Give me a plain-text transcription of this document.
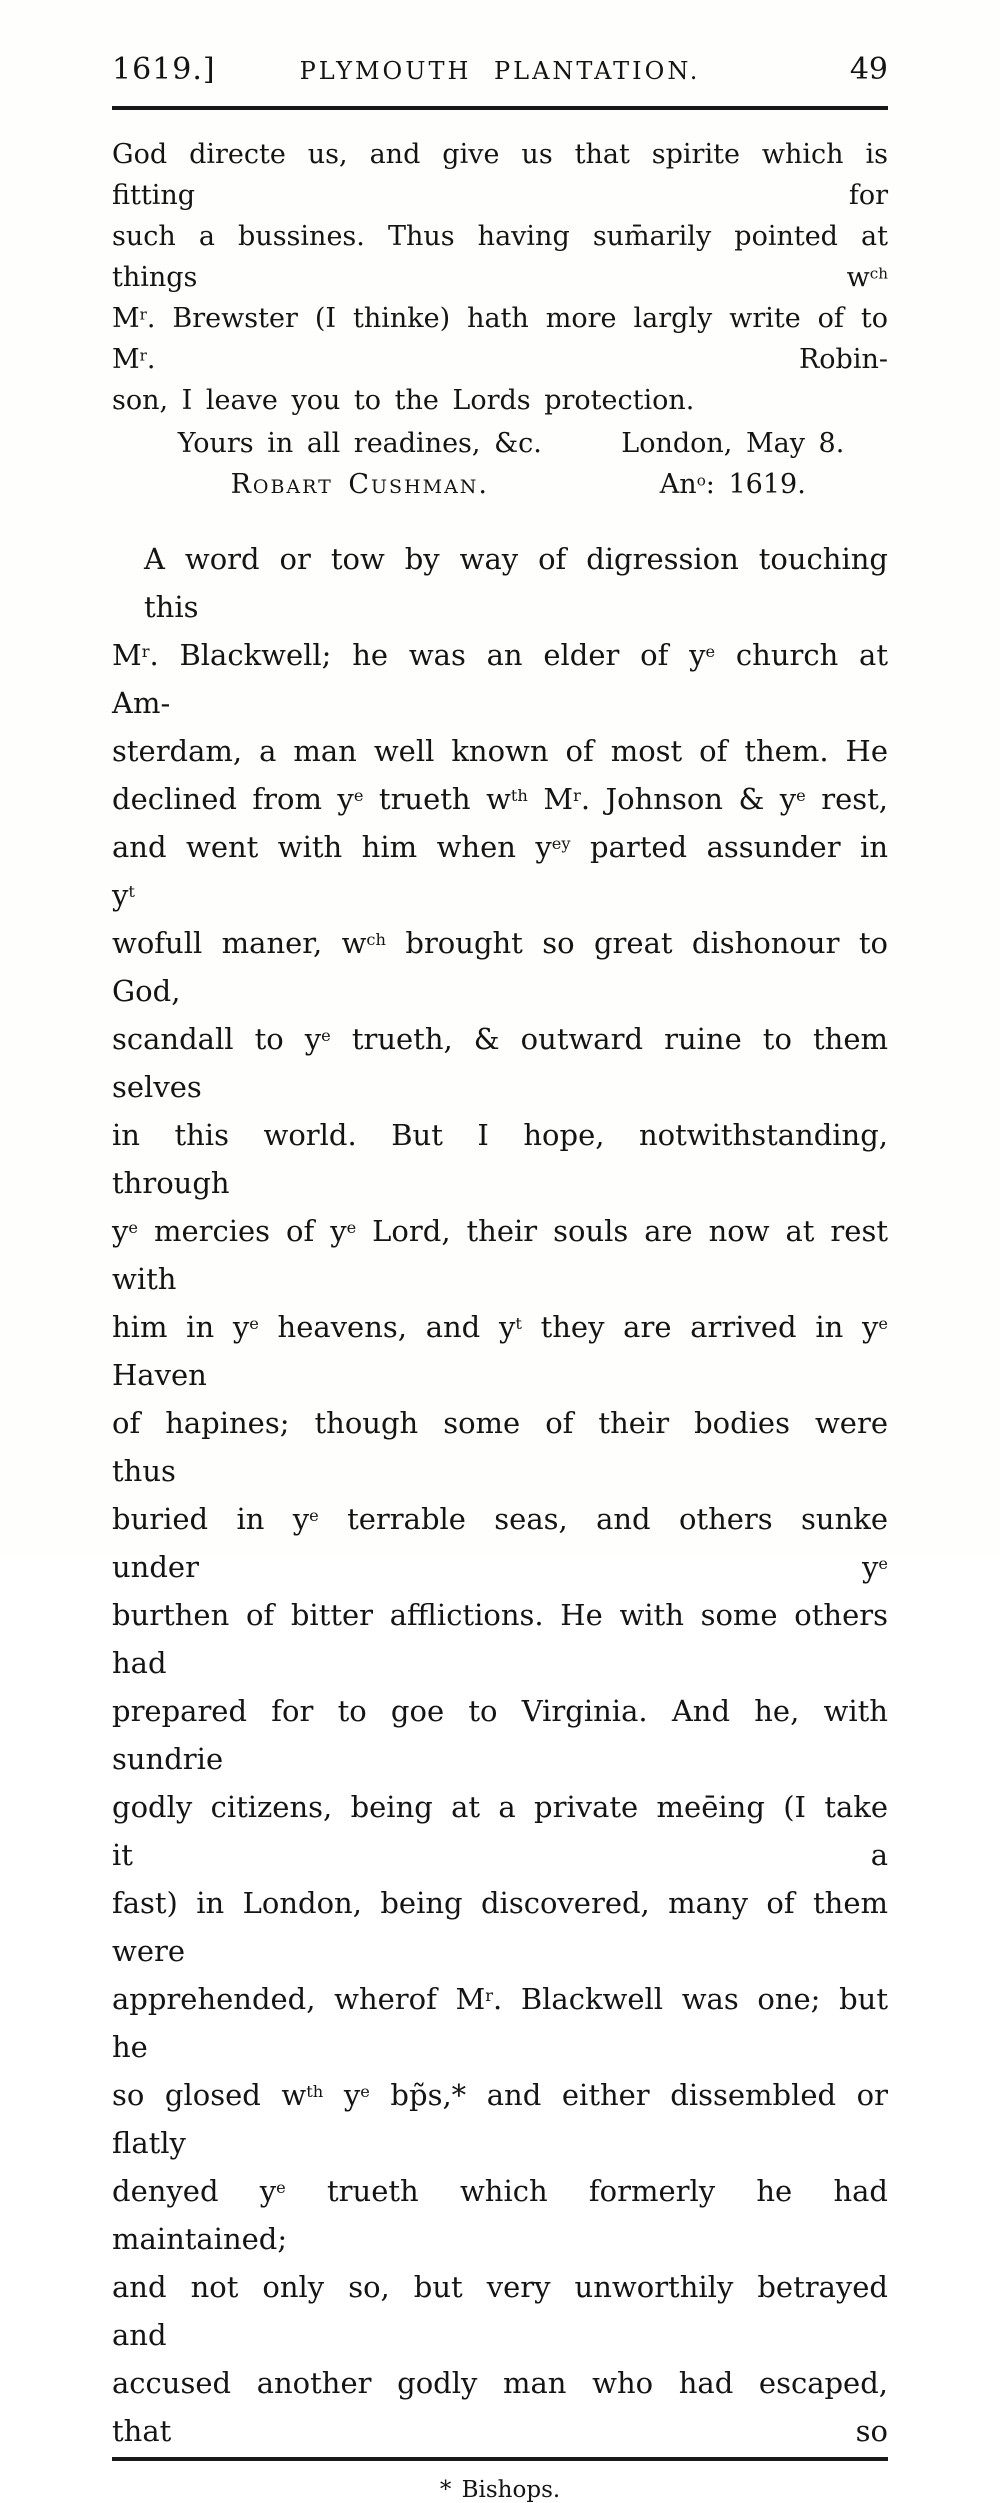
1619.]	PLYMOUTH PLANTATION.	49
God directe us, and give us that spirite which is fitting for
such a bussines. Thus having sum̄arily pointed at things $w^{ch}$
$M^r$. Brewster (I thinke) hath more largly write of to $M^r$. Robin-
son, I leave you to the Lords protection.
Yours in all readines, &c.	London, May 8.
Robart Cushman.	An$^o$: 1619.
A word or tow by way of digression touching this
$M^r$. Blackwell; he was an elder of $y^e$ church at Am-
sterdam, a man well known of most of them. He
declined from $y^e$ trueth $w^{th}$ $M^r$. Johnson & $y^e$ rest,
and went with him when $y^{ey}$ parted assunder in $y^t$
wofull maner, $w^{ch}$ brought so great dishonour to God,
scandall to $y^e$ trueth, & outward ruine to them selves
in this world. But I hope, notwithstanding, through
$y^e$ mercies of $y^e$ Lord, their souls are now at rest with
him in $y^e$ heavens, and $y^t$ they are arrived in $y^e$ Haven
of hapines; though some of their bodies were thus
buried in $y^e$ terrable seas, and others sunke under $y^e$
burthen of bitter afflictions. He with some others had
prepared for to goe to Virginia. And he, with sundrie
godly citizens, being at a private meēing (I take it a
fast) in London, being discovered, many of them were
apprehended, wherof $M^r$. Blackwell was one; but he
so glosed $w^{th}$ $y^e$ bp̃s,* and either dissembled or flatly
denyed $y^e$ trueth which formerly he had maintained;
and not only so, but very unworthily betrayed and
accused another godly man who had escaped, that so
* Bishops.
